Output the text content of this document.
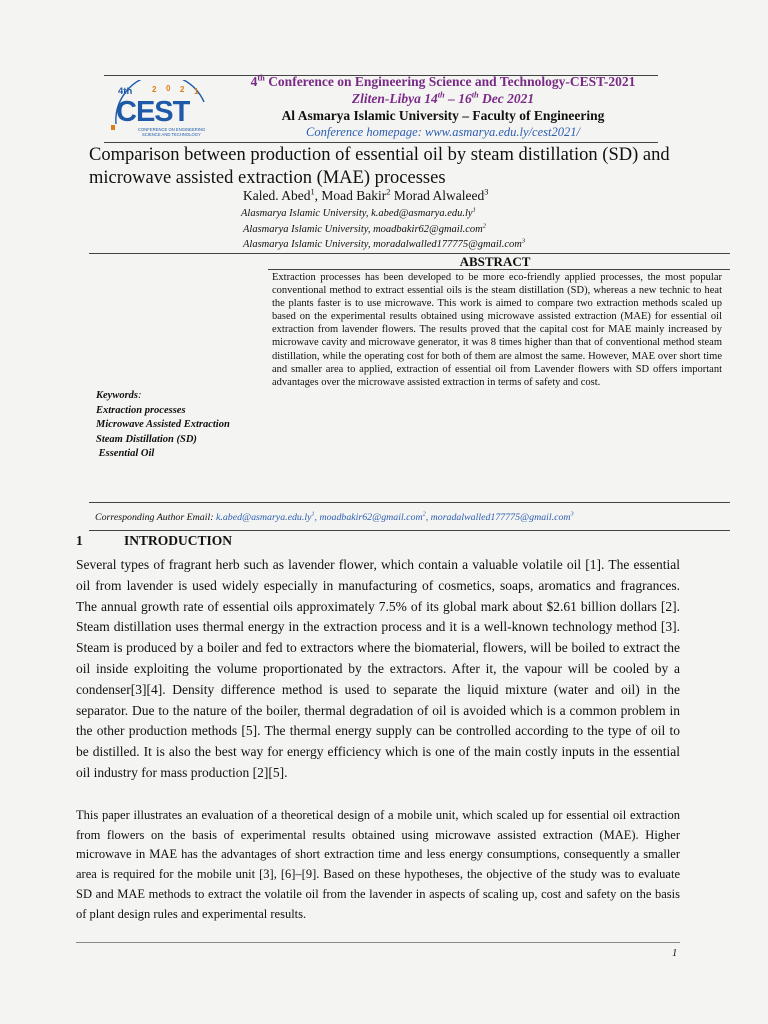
4th 2 0 2 1
CEST
CONFERENCE ON ENGINEERING
SCIENCE AND TECHNOLOGY
4th Conference on Engineering Science and Technology-CEST-2021
Zliten-Libya 14th – 16th Dec 2021
Al Asmarya Islamic University – Faculty of Engineering
Conference homepage: www.asmarya.edu.ly/cest2021/
Comparison between production of essential oil by steam distillation (SD) and microwave assisted extraction (MAE) processes
Kaled. Abed$^1$, Moad Bakir$^2$ Morad Alwaleed$^3$
Alasmarya Islamic University, $k.abed@asmarya.edu.ly^1$
Alasmarya Islamic University, moadbakir62@gmail.com$^2$
Alasmarya Islamic University, moradalwalled177775@gmail.com$^3$
ABSTRACT
Extraction processes has been developed to be more eco-friendly applied processes, the most popular conventional method to extract essential oils is the steam distillation (SD), whereas a new technic to heat the plants faster is to use microwave. This work is aimed to compare two extraction methods scaled up based on the experimental results obtained using microwave assisted extraction (MAE) for essential oil extraction from lavender flowers. The results proved that the capital cost for MAE mainly increased by microwave cavity and microwave generator, it was 8 times higher than that of conventional method steam distillation, while the operating cost for both of them are almost the same. However, MAE over short time and smaller area to applied, extraction of essential oil from Lavender flowers with SD offers important advantages over the microwave assisted extraction in terms of safety and cost.
Keywords:
Extraction processes
Microwave Assisted Extraction
Steam Distillation (SD)
Essential Oil
Corresponding Author Email: $k.abed@asmarya.edu.ly^1$, moadbakir62@gmail.com$^2$, moradalwalled177775@gmail.com$^3$
1	INTRODUCTION
Several types of fragrant herb such as lavender flower, which contain a valuable volatile oil [1]. The essential oil from lavender is used widely especially in manufacturing of cosmetics, soaps, aromatics and fragrances. The annual growth rate of essential oils approximately 7.5% of its global mark about $2.61 billion dollars [2]. Steam distillation uses thermal energy in the extraction process and it is a well-known technology method [3]. Steam is produced by a boiler and fed to extractors where the biomaterial, flowers, will be boiled to extract the oil inside exploiting the volume proportionated by the extractors. After it, the vapour will be cooled by a condenser[3][4]. Density difference method is used to separate the liquid mixture (water and oil) in the separator. Due to the nature of the boiler, thermal degradation of oil is avoided which is a common problem in the other production methods [5]. The thermal energy supply can be controlled according to the type of oil to be distilled. It is also the best way for energy efficiency which is one of the main costly inputs in the essential oil industry for mass production [2][5].
This paper illustrates an evaluation of a theoretical design of a mobile unit, which scaled up for essential oil extraction from flowers on the basis of experimental results obtained using microwave assisted extraction (MAE). Higher microwave in MAE has the advantages of short extraction time and less energy consumptions, consequently a smaller area is required for the mobile unit [3], [6]–[9]. Based on these hypotheses, the objective of the study was to evaluate SD and MAE methods to extract the volatile oil from the lavender in aspects of scaling up, cost and safety on the basis of plant design rules and experimental results.
1
